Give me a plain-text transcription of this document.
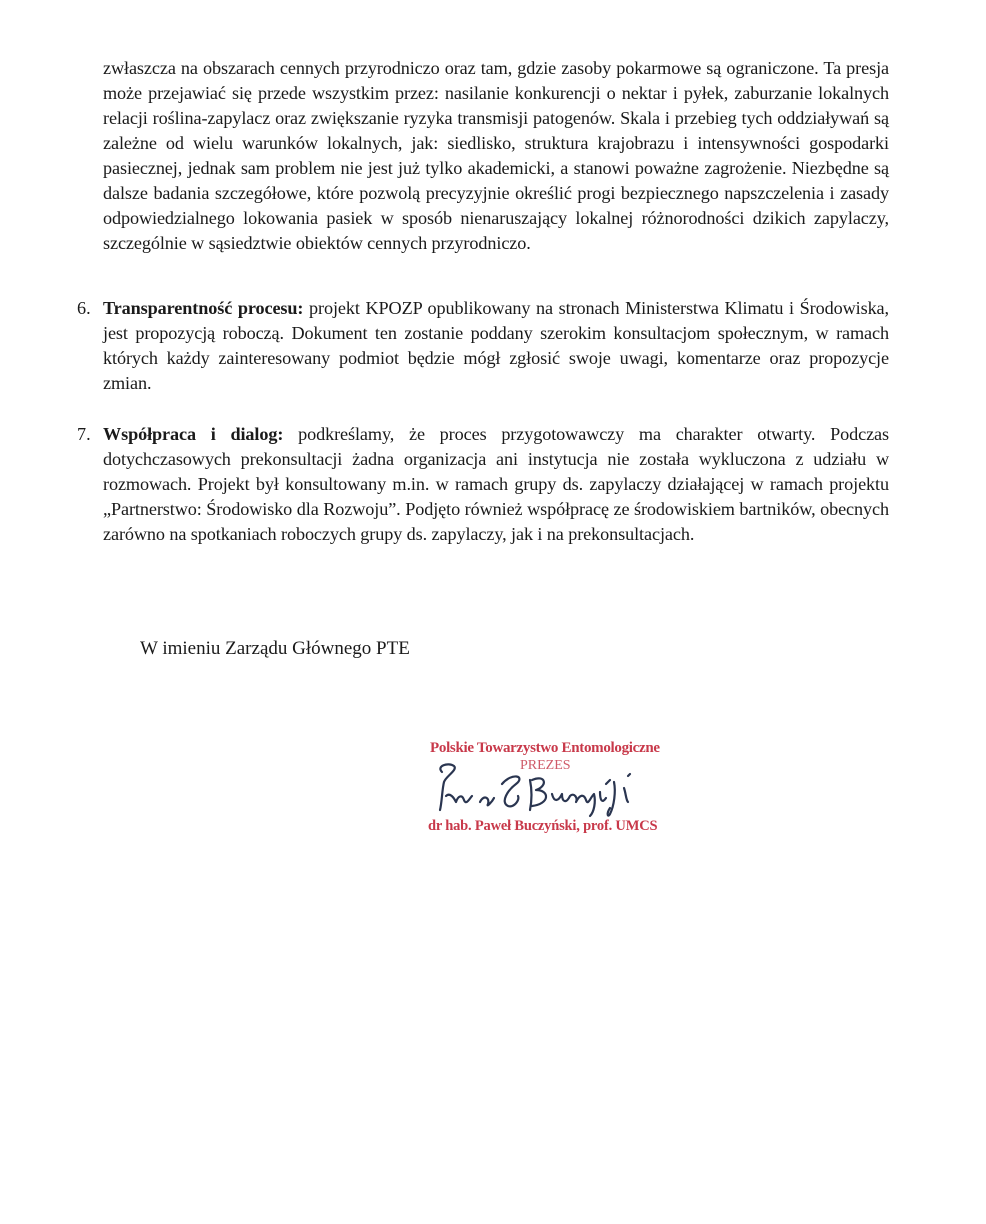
zwłaszcza na obszarach cennych przyrodniczo oraz tam, gdzie zasoby pokarmowe są ograniczone. Ta presja może przejawiać się przede wszystkim przez: nasilanie konkurencji o nektar i pyłek, zaburzanie lokalnych relacji roślina-zapylacz oraz zwiększanie ryzyka transmisji patogenów. Skala i przebieg tych oddziaływań są zależne od wielu warunków lokalnych, jak: siedlisko, struktura krajobrazu i intensywności gospodarki pasiecznej, jednak sam problem nie jest już tylko akademicki, a stanowi poważne zagrożenie. Niezbędne są dalsze badania szczegółowe, które pozwolą precyzyjnie określić progi bezpiecznego napszczelenia i zasady odpowiedzialnego lokowania pasiek w sposób nienaruszający lokalnej różnorodności dzikich zapylaczy, szczególnie w sąsiedztwie obiektów cennych przyrodniczo.
6. Transparentność procesu: projekt KPOZP opublikowany na stronach Ministerstwa Klimatu i Środowiska, jest propozycją roboczą. Dokument ten zostanie poddany szerokim konsultacjom społecznym, w ramach których każdy zainteresowany podmiot będzie mógł zgłosić swoje uwagi, komentarze oraz propozycje zmian.
7. Współpraca i dialog: podkreślamy, że proces przygotowawczy ma charakter otwarty. Podczas dotychczasowych prekonsultacji żadna organizacja ani instytucja nie została wykluczona z udziału w rozmowach. Projekt był konsultowany m.in. w ramach grupy ds. zapylaczy działającej w ramach projektu „Partnerstwo: Środowisko dla Rozwoju”. Podjęto również współpracę ze środowiskiem bartników, obecnych zarówno na spotkaniach roboczych grupy ds. zapylaczy, jak i na prekonsultacjach.
W imieniu Zarządu Głównego PTE
Polskie Towarzystwo Entomologiczne
PREZES
dr hab. Paweł Buczyński, prof. UMCS
